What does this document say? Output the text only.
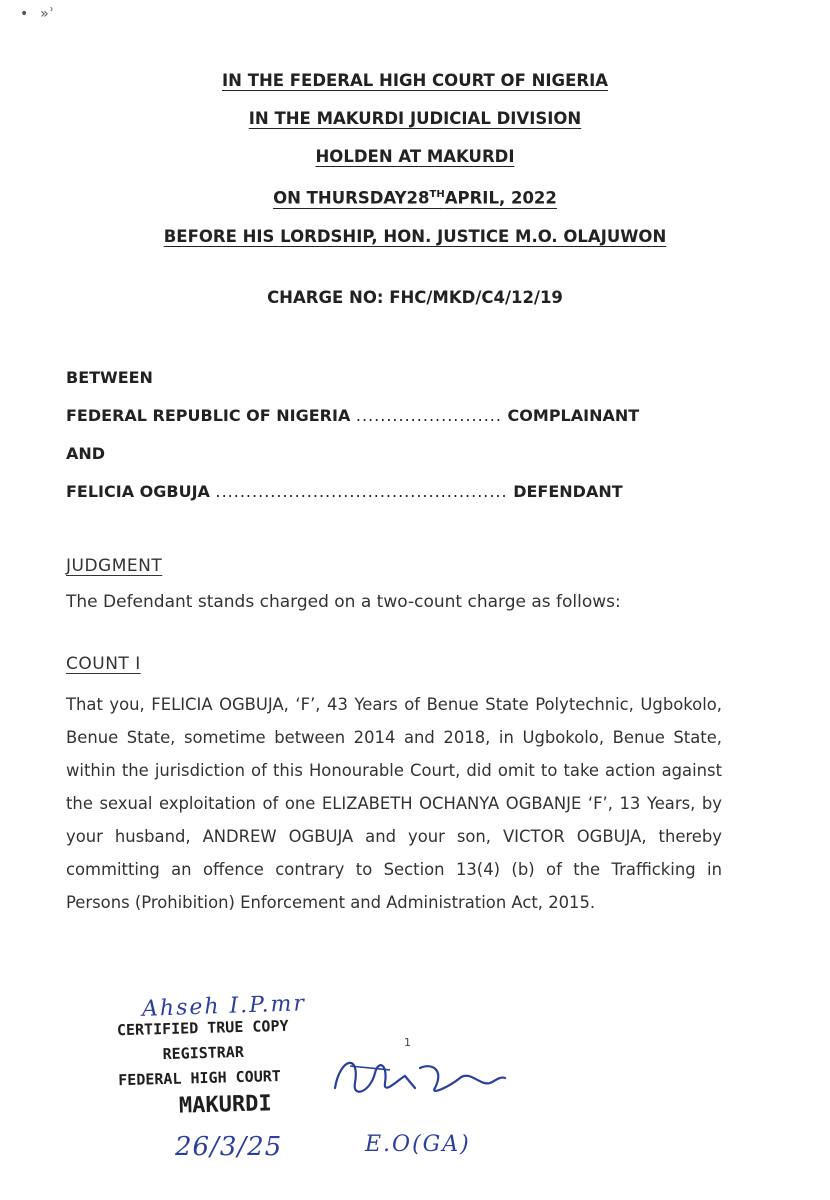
•  »ʾ
IN THE FEDERAL HIGH COURT OF NIGERIA
IN THE MAKURDI JUDICIAL DIVISION
HOLDEN AT MAKURDI
ON THURSDAY28THAPRIL, 2022
BEFORE HIS LORDSHIP, HON. JUSTICE M.O. OLAJUWON
CHARGE NO: FHC/MKD/C4/12/19
BETWEEN
FEDERAL REPUBLIC OF NIGERIA ........................ COMPLAINANT
AND
FELICIA OGBUJA ................................................ DEFENDANT
JUDGMENT
The Defendant stands charged on a two-count charge as follows:
COUNT I
That you, FELICIA OGBUJA, ‘F’, 43 Years of Benue State Polytechnic, Ugbokolo, Benue State, sometime between 2014 and 2018, in Ugbokolo, Benue State, within the jurisdiction of this Honourable Court, did omit to take action against the sexual exploitation of one ELIZABETH OCHANYA OGBANJE ‘F’, 13 Years, by your husband, ANDREW OGBUJA and your son, VICTOR OGBUJA, thereby committing an offence contrary to Section 13(4) (b) of the Trafficking in Persons (Prohibition) Enforcement and Administration Act, 2015.
1
CERTIFIED TRUE COPY
REGISTRAR
FEDERAL HIGH COURT
MAKURDI
Ahseh I.P.mr
26/3/25	E.O(GA)
